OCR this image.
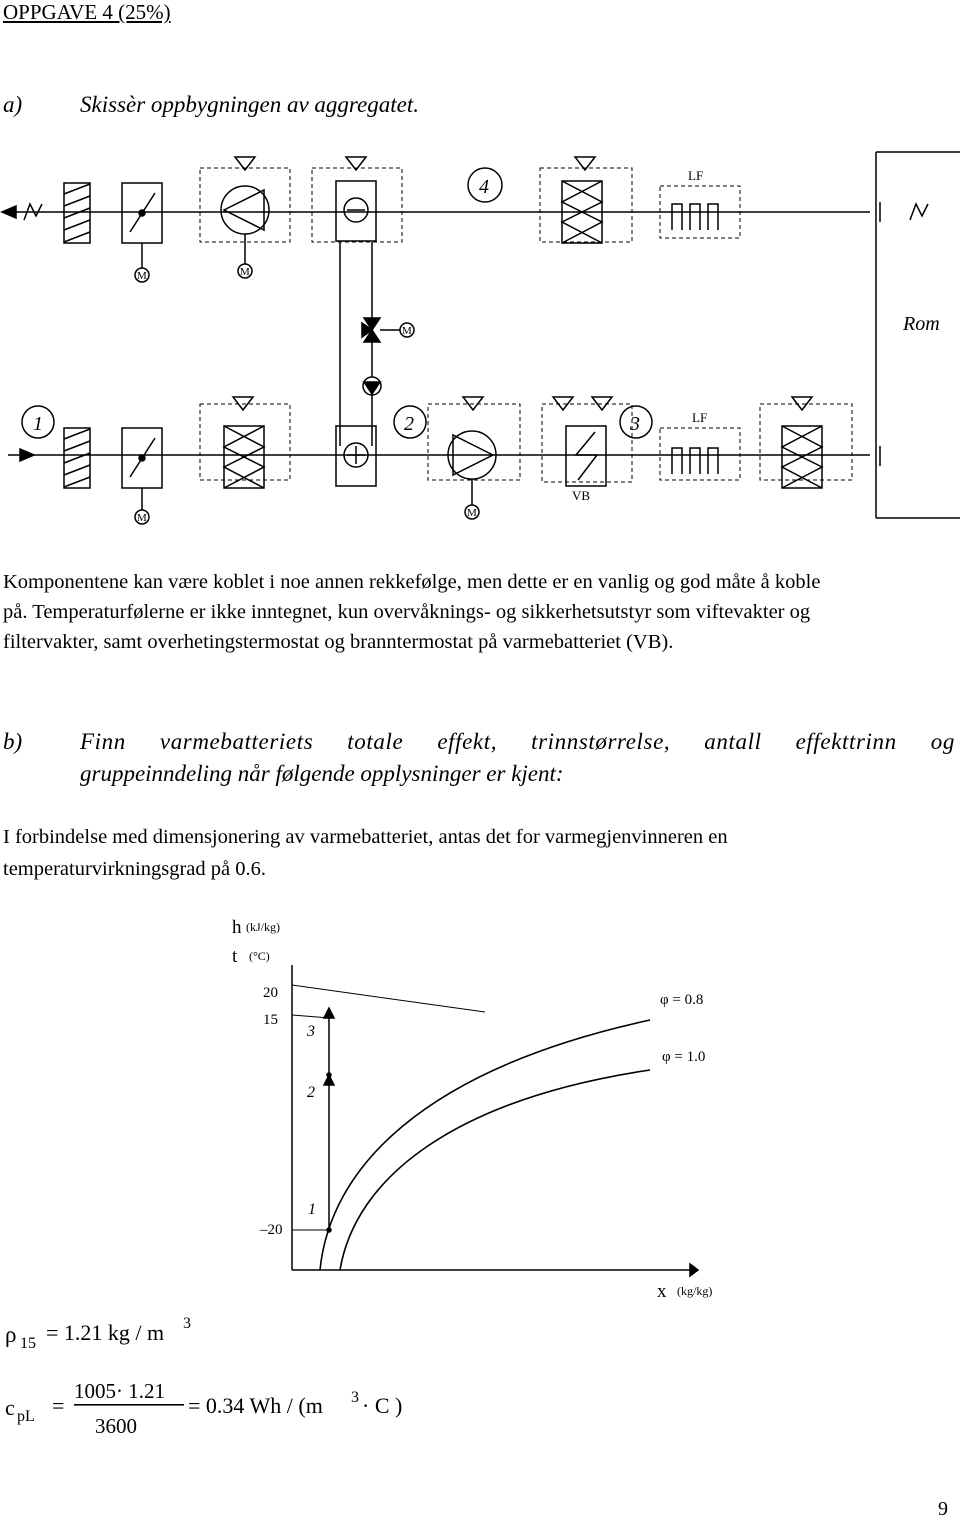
OPPGAVE 4 (25%)
a)	Skissèr oppbygningen av aggregatet.
Rom
M	M
4
LF
M
1
M
2
M
VB
3	LF
Komponentene kan være koblet i noe annen rekkefølge, men dette er en vanlig og god måte å koble
på. Temperaturfølerne er ikke inntegnet, kun overvåknings- og sikkerhetsutstyr som viftevakter og
filtervakter, samt overhetingstermostat og branntermostat på varmebatteriet (VB).
b)	Finn varmebatteriets totale effekt, trinnstørrelse, antall effekttrinn og
gruppeinndeling når følgende opplysninger er kjent:
I forbindelse med dimensjonering av varmebatteriet, antas det for varmegjenvinneren en
temperaturvirkningsgrad på 0.6.
h (kJ/kg)
t (°C)
20
15
–20
3
2
1
φ = 0.8
φ = 1.0
x (kg/kg)
ρ 15 = 1.21 kg / m 3
c pL =
1005· 1.21
3600
= 0.34 Wh / (m 3 · C )
9
